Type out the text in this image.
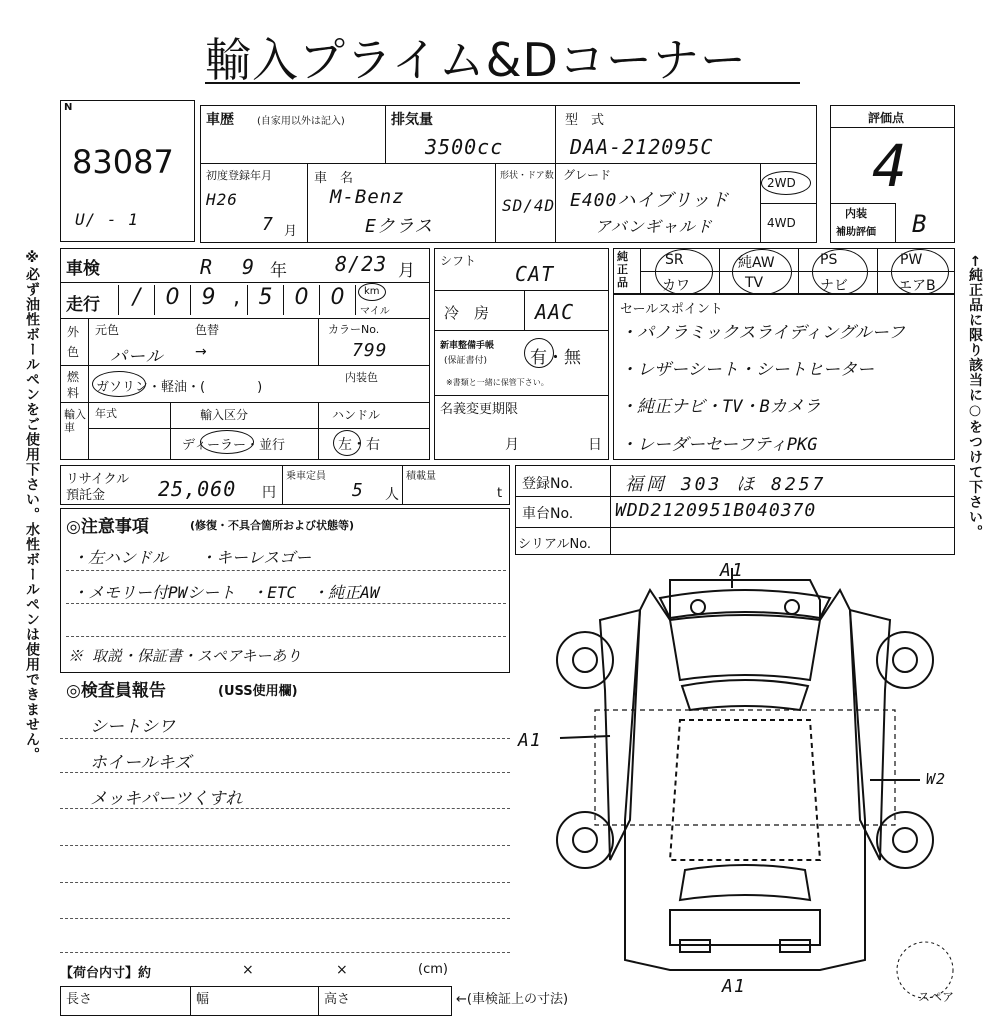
輸入プライム&Dコーナー
※必ず油性ボールペンをご使用下さい。水性ボールペンは使用できません。	←純正品に限り該当に○をつけて下さい。
N
83087
U/ - 1
車歴 (自家用以外は記入)	排気量
3500cc
型　式
DAA-212095C
初度登録年月
H26
7 月
車　名
M-Benz
Eクラス
形状・ドア数
SD/4D
グレード
E400ハイブリッド
アバンギャルド
2WD
4WD
評価点
4
内装
補助評価 B
車検	R 9 年 8/23 月
走行	/	0	9 , 5	0	0	km
マイル
外
色
元色	色替
パール →
カラーNo.
799
内装色
燃
料 ガソリン・軽油・(　　　　)
輸入車
年式	輸入区分
ディーラー・並行
ハンドル
左・右
シフト
CAT
冷　房 AAC
新車整備手帳
(保証書付)	有・無
※書類と一緒に保管下さい。
名義変更期限
月	日
純正品
SR	純AW	PS	PW
カワ	TV	ナビ	エアB
セールスポイント
・パノラミックスライディングルーフ
・レザーシート・シートヒーター
・純正ナビ・TV・Bカメラ
・レーダーセーフティPKG
リサイクル
預託金	25,060 円
乗車定員
5 人
積載量
t
登録No.	福岡 303 ほ 8257
車台No. WDD2120951B040370
シリアルNo.
◎注意事項	(修復・不具合箇所および状態等)
・左ハンドル　　・キーレスゴー
・メモリー付PWシート　・ETC　・純正AW
※ 取説・保証書・スペアキーあり
◎検査員報告	(USS使用欄)
シートシワ
ホイールキズ
メッキパーツくすれ
【荷台内寸】約	×	×	(cm)
長さ	幅	高さ	←(車検証上の寸法)	スペア
A1
A1
W2
A1
